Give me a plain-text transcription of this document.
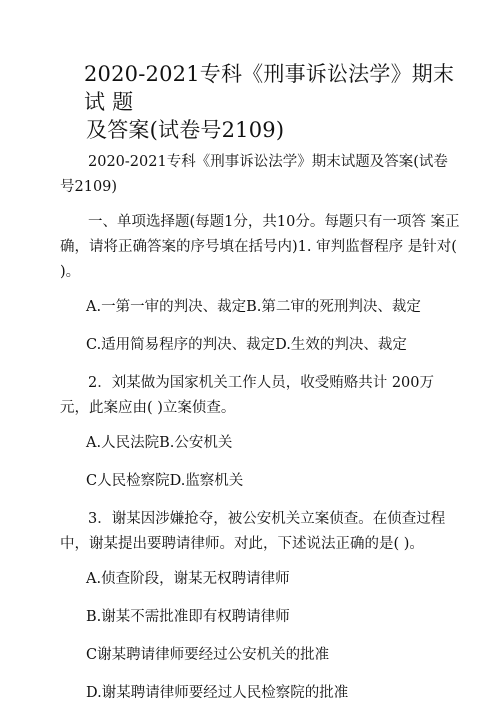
2020-2021专科《刑事诉讼法学》期末试 题
及答案(试卷号2109)

2020-2021专科《刑事诉讼法学》期末试题及答案(试卷 号2109)

一、单项选择题(每题1分，共10分。每题只有一项答 案正确，请将正确答案的序号填在括号内)1. 审判监督程序 是针对( )。

A.一第一审的判决、裁定B.第二审的死刑判决、裁定

C.适用简易程序的判决、裁定D.生效的判决、裁定

2．刘某做为国家机关工作人员，收受贿赂共计 200万元，此案应由( )立案侦查。

A.人民法院B.公安机关

C人民检察院D.监察机关

3．谢某因涉嫌抢夺，被公安机关立案侦查。在侦查过程中，谢某提出要聘请律师。对此，下述说法正确的是( )。

A.侦查阶段，谢某无权聘请律师

B.谢某不需批准即有权聘请律师

C谢某聘请律师要经过公安机关的批准

D.谢某聘请律师要经过人民检察院的批准
